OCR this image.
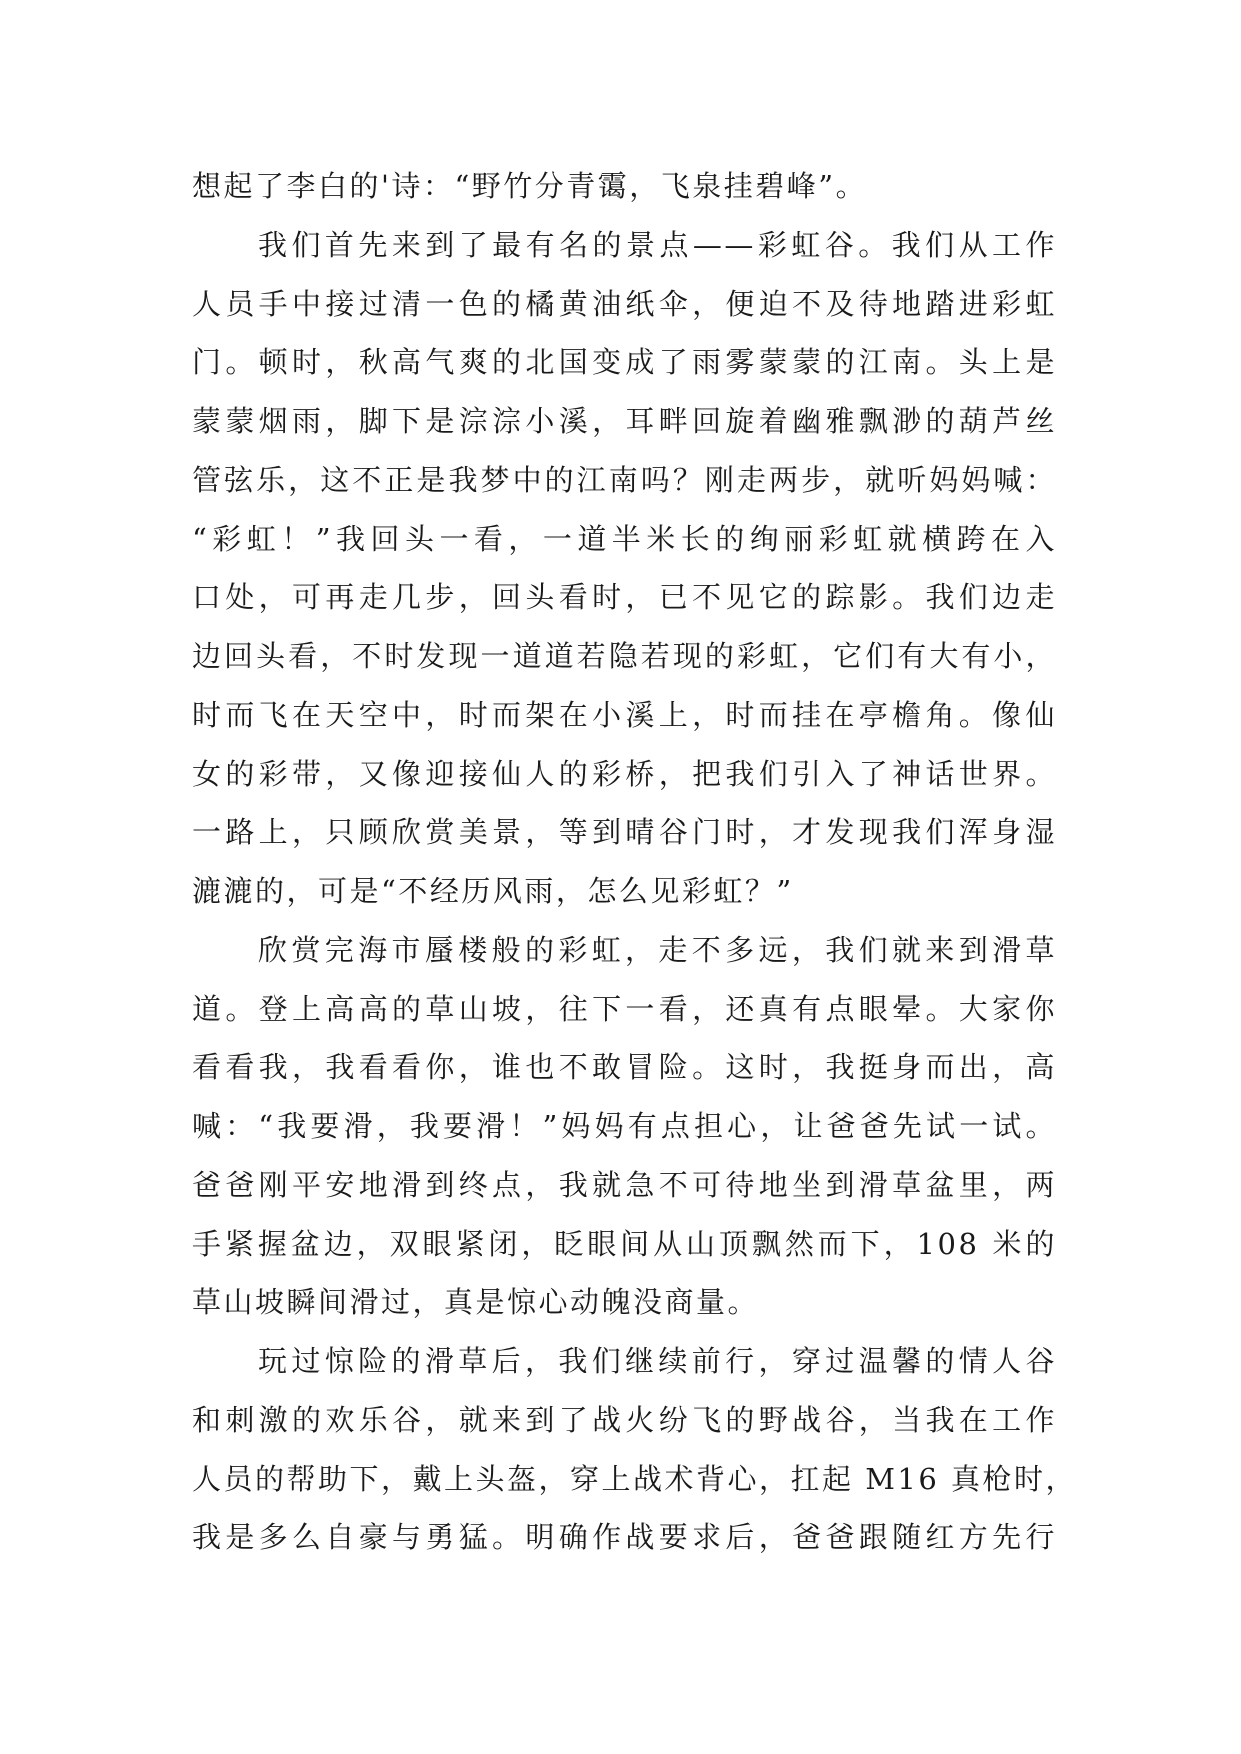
想起了李白的'诗：“野竹分青霭，飞泉挂碧峰”。
我们首先来到了最有名的景点——彩虹谷。我们从工作
人员手中接过清一色的橘黄油纸伞，便迫不及待地踏进彩虹
门。顿时，秋高气爽的北国变成了雨雾蒙蒙的江南。头上是
蒙蒙烟雨，脚下是淙淙小溪，耳畔回旋着幽雅飘渺的葫芦丝
管弦乐，这不正是我梦中的江南吗？刚走两步，就听妈妈喊：
“彩虹！”我回头一看，一道半米长的绚丽彩虹就横跨在入
口处，可再走几步，回头看时，已不见它的踪影。我们边走
边回头看，不时发现一道道若隐若现的彩虹，它们有大有小，
时而飞在天空中，时而架在小溪上，时而挂在亭檐角。像仙
女的彩带，又像迎接仙人的彩桥，把我们引入了神话世界。
一路上，只顾欣赏美景，等到晴谷门时，才发现我们浑身湿
漉漉的，可是“不经历风雨，怎么见彩虹？”
欣赏完海市蜃楼般的彩虹，走不多远，我们就来到滑草
道。登上高高的草山坡，往下一看，还真有点眼晕。大家你
看看我，我看看你，谁也不敢冒险。这时，我挺身而出，高
喊：“我要滑，我要滑！”妈妈有点担心，让爸爸先试一试。
爸爸刚平安地滑到终点，我就急不可待地坐到滑草盆里，两
手紧握盆边，双眼紧闭，眨眼间从山顶飘然而下，108 米的
草山坡瞬间滑过，真是惊心动魄没商量。
玩过惊险的滑草后，我们继续前行，穿过温馨的情人谷
和刺激的欢乐谷，就来到了战火纷飞的野战谷，当我在工作
人员的帮助下，戴上头盔，穿上战术背心，扛起 M16 真枪时，
我是多么自豪与勇猛。明确作战要求后，爸爸跟随红方先行
